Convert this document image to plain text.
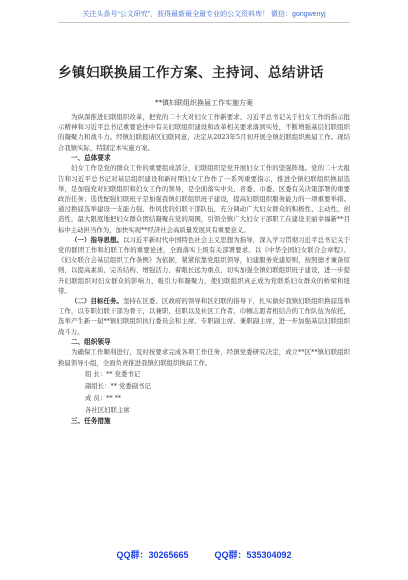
关注头条号“公文研究”，获得最新最全最专业的公文资料库！ 微信：gongwenyj
乡镇妇联换届工作方案、主持词、总结讲话
**镇妇联组织换届工作实施方案

为纵深推进妇联组织改革，把党的二十大对妇女工作新要求、习近平总书记关于妇女工作的指示批示精神和习近平总书记重要论述中有关妇联组织建设和改革相关要求落到实处，不断增强基层妇联组织的凝聚力和战斗力。经镇妇联报请区妇联同意，决定从2023年5月初开展全镇妇联组织换届工作。现结合我镇实际，特制定本实施方案。

一、总体要求

妇女工作是党的群众工作的重要组成部分，妇联组织是党开展妇女工作的坚强阵地。党的二十大报告和习近平总书记对基层组织建设和新时期妇女工作作了一系列重要指示，推进全镇妇联组织换届选举，是加强党对妇联组织和妇女工作的领导，是全面落实中央、省委、市委、区委有关决策部署的重要政治任务；选优配强妇联班子是加强我镇妇联组织班子建设，提高妇联组织服务能力的一项重要举措。通过换届选举建设一支能力强、作风优的妇联干部队伍，充分调动广大妇女群众的积极性、主动性、创造性，最大限度地把妇女群众团结凝聚在党的周围，引领全镇广大妇女干部职工在建设美丽幸福新**目标中主动担当作为，加快实现**经济社会高质量发展具有重要意义。

（一）指导思想。以习近平新时代中国特色社会主义思想为指导，深入学习贯彻习近平总书记关于党的群团工作和妇联工作的重要论述，全面落实上级有关部署要求。以《中华全国妇女联合会章程》、《妇女联合会基层组织工作条例》为依据，紧紧依靠党组织领导，妇建服务党建原则，按照德才兼备原则，以提高素质、完善结构、增强活力、着眼长远为重点，切实加强全镇妇联组织班子建设，进一步提升妇联组织对妇女群众的影响力、吸引力和凝聚力，使妇联组织真正成为党联系妇女群众的桥梁和纽带。

（二）目标任务。坚持在区委、区政府的领导和区妇联的指导下，扎实做好我镇妇联组织换届选举工作，以专职妇联干部为骨干，以兼职、挂职以及社区工作者、巾帼志愿者相结合的工作队伍为依托，选举产生新一届**镇妇联组织执行委员会和主席、专职副主席、兼职副主席，进一步加强基层妇联组织战斗力。

二、组织领导

为确保工作顺利进行，及时按要求完成各项工作任务，经镇党委研究决定，成立**区**镇妇联组织换届领导小组，全面负责推进我镇妇联组织换届工作。

组 长：** 党委书记

副组长：** 党委副书记

成 员：** **

各社区妇联主席

三、任务措施

QQ群：30265665	QQ群：535304092
